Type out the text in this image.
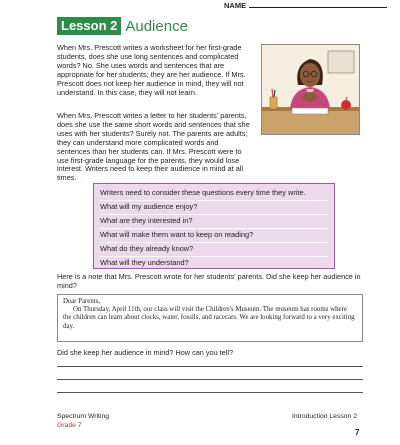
NAME
Lesson 2 Audience

When Mrs. Prescott writes a worksheet for her first-grade students, does she use long sentences and complicated words? No. She uses words and sentences that are appropriate for her students; they are her audience. If Mrs. Prescott does not keep her audience in mind, they will not understand. In this case, they will not learn.

When Mrs. Prescott writes a letter to her students' parents, does she use the same short words and sentences that she uses with her students? Surely not. The parents are adults; they can understand more complicated words and sentences than her students can. If Mrs. Prescott were to use first-grade language for the parents, they would lose interest. Writers need to keep their audience in mind at all times.

Writers need to consider these questions every time they write.

What will my audience enjoy?

What are they interested in?

What will make them want to keep on reading?

What do they already know?

What will they understand?

Here is a note that Mrs. Prescott wrote for her students' parents. Did she keep her audience in mind?

Dear Parents,

On Thursday, April 11th, our class will visit the Children's Museum. The museum has rooms where the children can learn about clocks, water, fossils, and racecars. We are looking forward to a very exciting day.

Did she keep her audience in mind? How can you tell?

Spectrum Writing
Grade 7
Introduction Lesson 2
7
